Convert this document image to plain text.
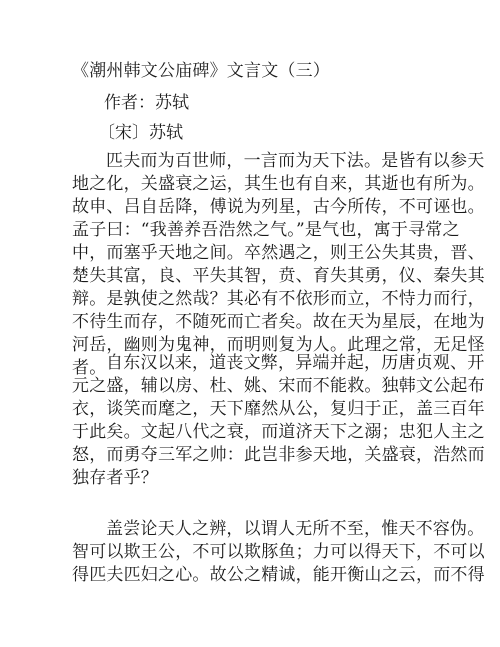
《潮州韩文公庙碑》文言文（三）
作者：苏轼
〔宋〕苏轼
匹夫而为百世师，一言而为天下法。是皆有以参天
地之化，关盛衰之运，其生也有自来，其逝也有所为。
故申、吕自岳降，傅说为列星，古今所传，不可诬也。
孟子曰：“我善养吾浩然之气。”是气也，寓于寻常之
中，而塞乎天地之间。卒然遇之，则王公失其贵，晋、
楚失其富，良、平失其智，贲、育失其勇，仪、秦失其
辩。是孰使之然哉？其必有不依形而立，不恃力而行，
不待生而存，不随死而亡者矣。故在天为星辰，在地为
河岳，幽则为鬼神，而明则复为人。此理之常，无足怪
者。 自东汉以来，道丧文弊，异端并起，历唐贞观、开
元之盛，辅以房、杜、姚、宋而不能救。独韩文公起布
衣，谈笑而麾之，天下靡然从公，复归于正，盖三百年
于此矣。文起八代之衰，而道济天下之溺；忠犯人主之
怒，而勇夺三军之帅：此岂非参天地，关盛衰，浩然而
独存者乎？
盖尝论天人之辨，以谓人无所不至，惟天不容伪。
智可以欺王公，不可以欺豚鱼；力可以得天下，不可以
得匹夫匹妇之心。故公之精诚，能开衡山之云，而不得
